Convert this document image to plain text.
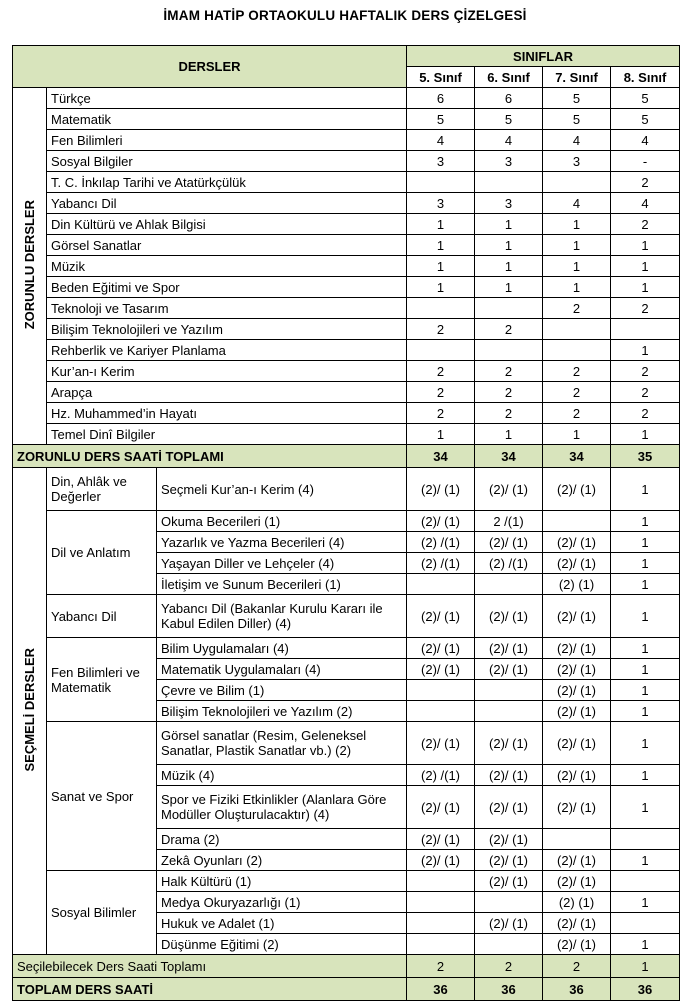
İMAM HATİP ORTAOKULU HAFTALIK DERS ÇİZELGESİ
DERSLER			SINIFLAR			
			5. Sınıf	6. Sınıf	7. Sınıf	8. Sınıf
ZORUNLU DERSLER	Türkçe		6	6	5	5
	Matematik		5	5	5	5
	Fen Bilimleri		4	4	4	4
	Sosyal Bilgiler		3	3	3	-
	T. C. İnkılap Tarihi ve Atatürkçülük					2
	Yabancı Dil		3	3	4	4
	Din Kültürü ve Ahlak Bilgisi		1	1	1	2
	Görsel Sanatlar		1	1	1	1
	Müzik		1	1	1	1
	Beden Eğitimi ve Spor		1	1	1	1
	Teknoloji ve Tasarım				2	2
	Bilişim Teknolojileri ve Yazılım		2	2		
	Rehberlik ve Kariyer Planlama					1
	Kur’an-ı Kerim		2	2	2	2
	Arapça		2	2	2	2
	Hz. Muhammed’in Hayatı		2	2	2	2
	Temel Dinî Bilgiler		1	1	1	1
ZORUNLU DERS SAATİ TOPLAMI			34	34	34	35
SEÇMELİ DERSLER	Din, Ahlâk ve Değerler	Seçmeli Kur’an-ı Kerim (4)	(2)/ (1)	(2)/ (1)	(2)/ (1)	1
	Dil ve Anlatım	Okuma Becerileri (1)	(2)/ (1)	2 /(1)		1
		Yazarlık ve Yazma Becerileri (4)	(2) /(1)	(2)/ (1)	(2)/ (1)	1
		Yaşayan Diller ve Lehçeler (4)	(2) /(1)	(2) /(1)	(2)/ (1)	1
		İletişim ve Sunum Becerileri (1)			(2) (1)	1
	Yabancı Dil	Yabancı Dil (Bakanlar Kurulu Kararı ile Kabul Edilen Diller) (4)	(2)/ (1)	(2)/ (1)	(2)/ (1)	1
	Fen Bilimleri ve Matematik	Bilim Uygulamaları (4)	(2)/ (1)	(2)/ (1)	(2)/ (1)	1
		Matematik Uygulamaları (4)	(2)/ (1)	(2)/ (1)	(2)/ (1)	1
		Çevre ve Bilim (1)			(2)/ (1)	1
		Bilişim Teknolojileri ve Yazılım (2)			(2)/ (1)	1
	Sanat ve Spor	Görsel sanatlar (Resim, Geleneksel Sanatlar, Plastik Sanatlar vb.) (2)	(2)/ (1)	(2)/ (1)	(2)/ (1)	1
		Müzik (4)	(2) /(1)	(2)/ (1)	(2)/ (1)	1
		Spor ve Fiziki Etkinlikler (Alanlara Göre Modüller Oluşturulacaktır) (4)	(2)/ (1)	(2)/ (1)	(2)/ (1)	1
		Drama (2)	(2)/ (1)	(2)/ (1)		
		Zekâ Oyunları (2)	(2)/ (1)	(2)/ (1)	(2)/ (1)	1
	Sosyal Bilimler	Halk Kültürü (1)		(2)/ (1)	(2)/ (1)	
		Medya Okuryazarlığı (1)			(2) (1)	1
		Hukuk ve Adalet (1)		(2)/ (1)	(2)/ (1)	
		Düşünme Eğitimi (2)			(2)/ (1)	1
Seçilebilecek Ders Saati Toplamı			2	2	2	1
TOPLAM DERS SAATİ			36	36	36	36
